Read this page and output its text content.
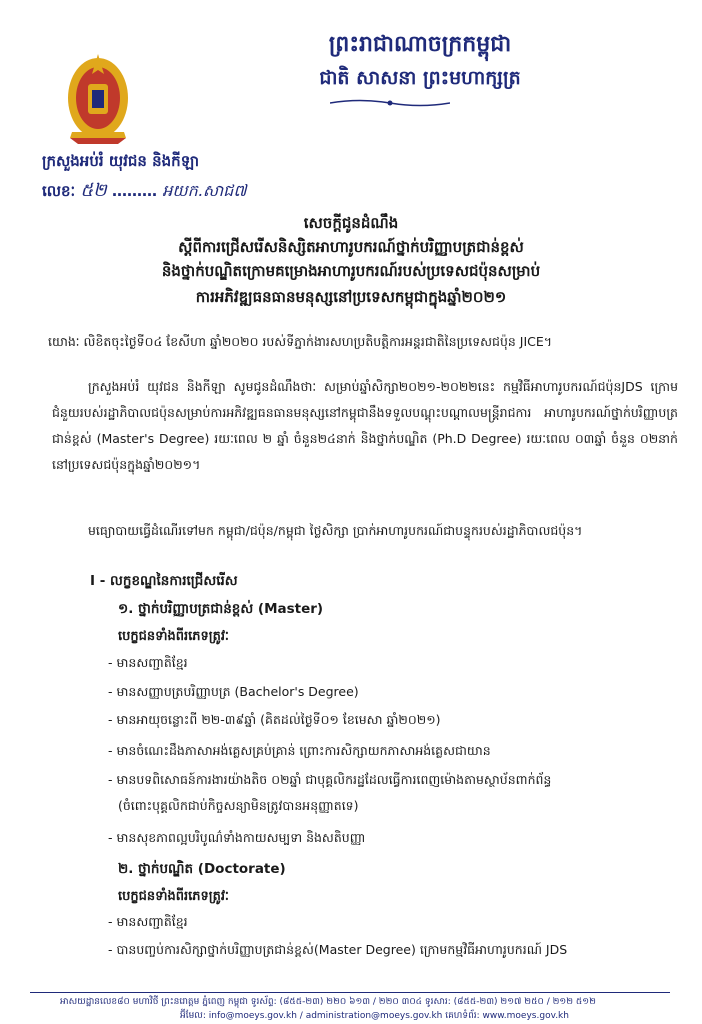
ព្រះរាជាណាចក្រកម្ពុជា
ជាតិ សាសនា ព្រះមហាក្សត្រ
ក្រសួងអប់រំ យុវជន និងកីឡា
លេខៈ ៥២ ……… អយក.សាជ៧
សេចក្តីជូនដំណឹង
ស្តីពីការជ្រើសរើសនិស្សិតអាហារូបករណ៍ថ្នាក់បរិញ្ញាបត្រជាន់ខ្ពស់
និងថ្នាក់បណ្ឌិតក្រោមគម្រោងអាហារូបករណ៍របស់ប្រទេសជប៉ុនសម្រាប់
ការអភិវឌ្ឍធនធានមនុស្សនៅប្រទេសកម្ពុជាក្នុងឆ្នាំ២០២១
យោងៈ លិខិតចុះថ្ងៃទី០៤ ខែសីហា ឆ្នាំ២០២០ របស់ទីភ្នាក់ងារសហប្រតិបត្តិការអន្តរជាតិនៃប្រទេសជប៉ុន JICE។
ក្រសួងអប់រំ យុវជន និងកីឡា សូមជូនដំណឹងថាៈ សម្រាប់ឆ្នាំសិក្សា២០២១-២០២២នេះ កម្មវិធីអាហារូបករណ៍ជប៉ុនJDS ក្រោមជំនួយរបស់រដ្ឋាភិបាលជប៉ុនសម្រាប់ការអភិវឌ្ឍធនធានមនុស្សនៅកម្ពុជានឹងទទួលបណ្តុះបណ្តាលមន្ត្រីរាជការ អាហារូបករណ៍ថ្នាក់បរិញ្ញាបត្រជាន់ខ្ពស់ (Master's Degree) រយៈពេល ២ ឆ្នាំ ចំនួន២៤នាក់ និងថ្នាក់បណ្ឌិត (Ph.D Degree) រយៈពេល ០៣ឆ្នាំ ចំនួន ០២នាក់ នៅប្រទេសជប៉ុនក្នុងឆ្នាំ២០២១។
មធ្យោបាយធ្វើដំណើរទៅមក កម្ពុជា/ជប៉ុន/កម្ពុជា ថ្លៃសិក្សា ប្រាក់អាហារូបករណ៍ជាបន្ទុករបស់រដ្ឋាភិបាលជប៉ុន។
I - លក្ខខណ្ឌនៃការជ្រើសរើស
១. ថ្នាក់បរិញ្ញាបត្រជាន់ខ្ពស់ (Master)
បេក្ខជនទាំងពីរភេទត្រូវៈ
- មានសញ្ជាតិខ្មែរ
- មានសញ្ញាបត្របរិញ្ញាបត្រ (Bachelor's Degree)
- មានអាយុចន្លោះពី ២២-៣៩ឆ្នាំ (គិតដល់ថ្ងៃទី០១ ខែមេសា ឆ្នាំ២០២១)
- មានចំណេះដឹងភាសាអង់គ្លេសគ្រប់គ្រាន់ ព្រោះការសិក្សាយកភាសាអង់គ្លេសជាយាន
- មានបទពិសោធន៍ការងារយ៉ាងតិច ០២ឆ្នាំ ជាបុគ្គលិករដ្ឋដែលធ្វើការពេញម៉ោងតាមស្ថាប័នពាក់ព័ន្ធ
(ចំពោះបុគ្គលិកជាប់កិច្ចសន្យាមិនត្រូវបានអនុញ្ញាតទេ)
- មានសុខភាពល្អបរិបូណ៌ទាំងកាយសម្បទា និងសតិបញ្ញា
២. ថ្នាក់បណ្ឌិត (Doctorate)
បេក្ខជនទាំងពីរភេទត្រូវៈ
- មានសញ្ជាតិខ្មែរ
- បានបញ្ចប់ការសិក្សាថ្នាក់បរិញ្ញាបត្រជាន់ខ្ពស់(Master Degree) ក្រោមកម្មវិធីអាហារូបករណ៍ JDS
អាសយដ្ឋានលេខ៨០ មហាវិថី ព្រះនរោត្តម ភ្នំពេញ កម្ពុជា ទូរស័ព្ទ: (៨៥៥-២៣) ២២០ ៦១៣ / ២២០ ៣០៤ ទូរសារ: (៨៥៥-២៣) ២១៧ ២៥០ / ២១២ ៥១២
អ៊ីមែល: info@moeys.gov.kh / administration@moeys.gov.kh គេហទំព័រ: www.moeys.gov.kh
